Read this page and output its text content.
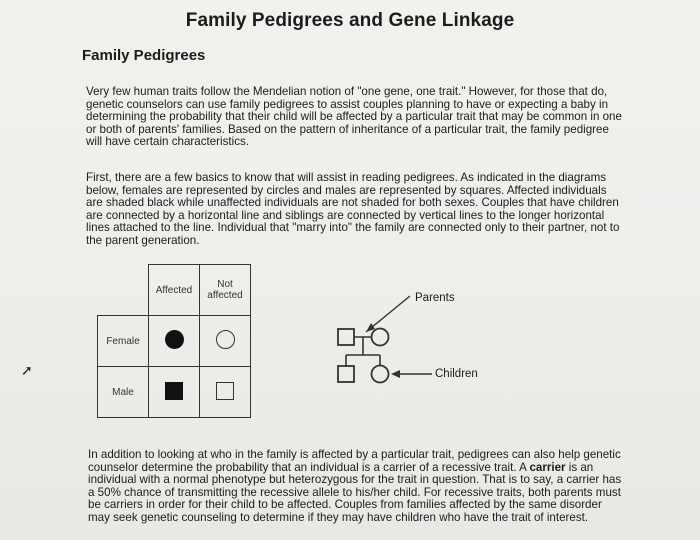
Family Pedigrees and Gene Linkage
Family Pedigrees
Very few human traits follow the Mendelian notion of "one gene, one trait." However, for those that do, genetic counselors can use family pedigrees to assist couples planning to have or expecting a baby in determining the probability that their child will be affected by a particular trait that may be common in one or both of parents' families. Based on the pattern of inheritance of a particular trait, the family pedigree will have certain characteristics.
First, there are a few basics to know that will assist in reading pedigrees. As indicated in the diagrams below, females are represented by circles and males are represented by squares. Affected individuals are shaded black while unaffected individuals are not shaded for both sexes. Couples that have children are connected by a horizontal line and siblings are connected by vertical lines to the longer horizontal lines attached to the line. Individual that "marry into" the family are connected only to their partner, not to the parent generation.
	Affected	Not
affected
Female		
Male		
Parents
Children
➚
In addition to looking at who in the family is affected by a particular trait, pedigrees can also help genetic counselor determine the probability that an individual is a carrier of a recessive trait. A carrier is an individual with a normal phenotype but heterozygous for the trait in question. That is to say, a carrier has a 50% chance of transmitting the recessive allele to his/her child. For recessive traits, both parents must be carriers in order for their child to be affected. Couples from families affected by the same disorder may seek genetic counseling to determine if they may have children who have the trait of interest.
